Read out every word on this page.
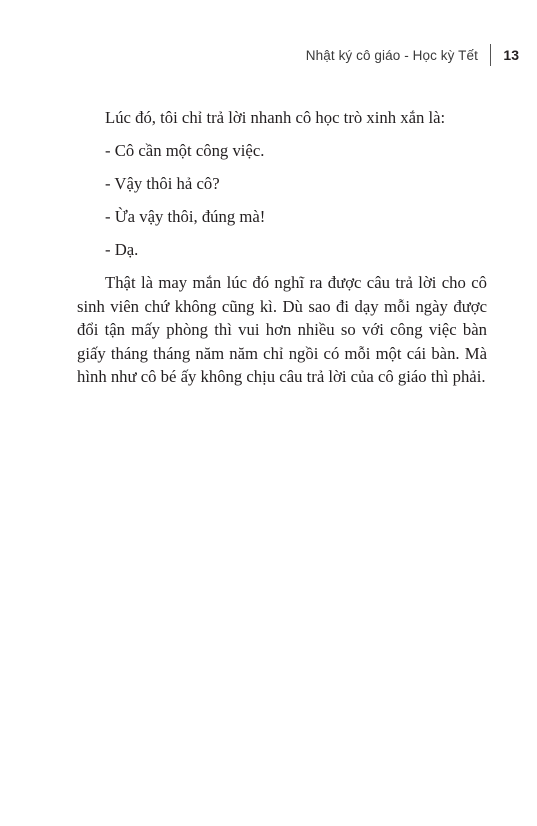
Nhật ký cô giáo - Học kỳ Tết 13

Lúc đó, tôi chỉ trả lời nhanh cô học trò xinh xắn là:

- Cô cần một công việc.

- Vậy thôi hả cô?

- Ừa vậy thôi, đúng mà!

- Dạ.

Thật là may mắn lúc đó nghĩ ra được câu trả lời cho cô sinh viên chứ không cũng kì. Dù sao đi dạy mỗi ngày được đổi tận mấy phòng thì vui hơn nhiều so với công việc bàn giấy tháng tháng năm năm chỉ ngồi có mỗi một cái bàn. Mà hình như cô bé ấy không chịu câu trả lời của cô giáo thì phải.
